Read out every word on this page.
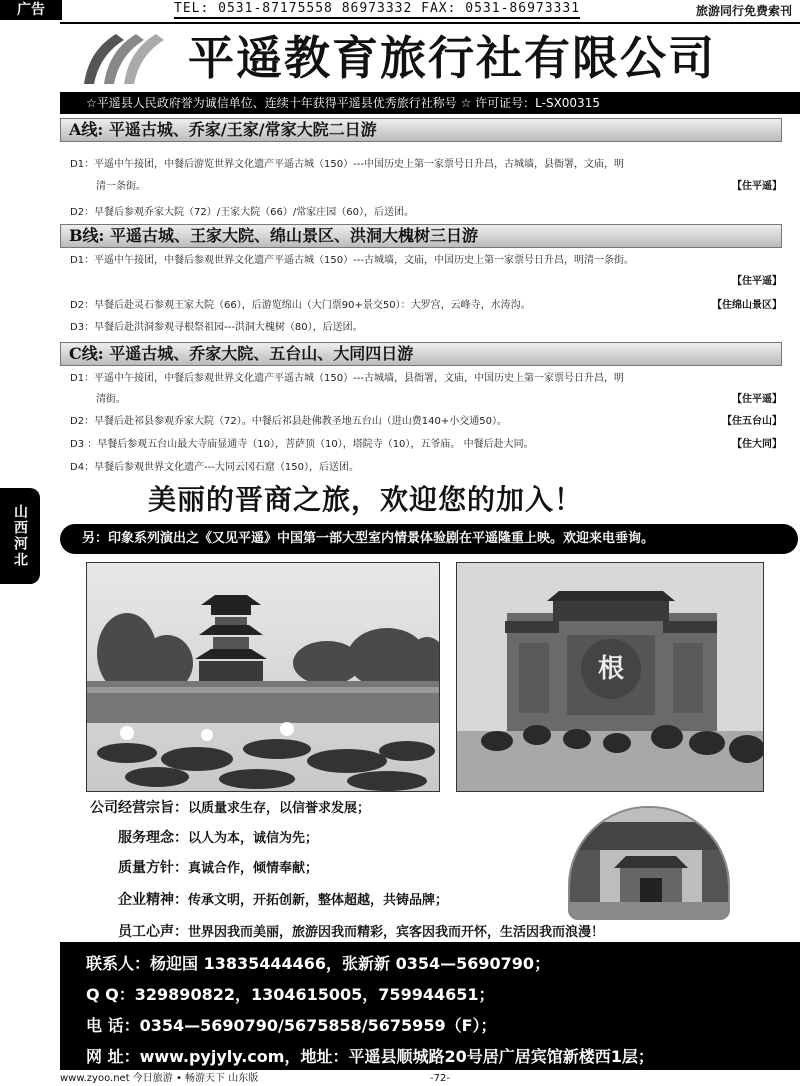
广告	TEL: 0531-87175558 86973332 FAX: 0531-86973331	旅游同行免费索刊
平遥教育旅行社有限公司
☆平遥县人民政府誉为诚信单位、连续十年获得平遥县优秀旅行社称号 ☆ 许可证号：L-SX00315
A线: 平遥古城、乔家/王家/常家大院二日游
D1：平遥中午接团，中餐后游览世界文化遗产平遥古城（150）---中国历史上第一家票号日升昌，古城墙，县衙署，文庙，明
清一条街。	【住平遥】
D2：早餐后参观乔家大院（72）/王家大院（66）/常家庄园（60），后送团。
B线: 平遥古城、王家大院、绵山景区、洪洞大槐树三日游
D1：平遥中午接团，中餐后参观世界文化遗产平遥古城（150）---古城墙，文庙，中国历史上第一家票号日升昌，明清一条街。
【住平遥】
D2：早餐后赴灵石参观王家大院（66），后游览绵山（大门票90+景交50）：大罗宫，云峰寺，水涛沟。	【住绵山景区】
D3：早餐后赴洪洞参观寻根祭祖园---洪洞大槐树（80），后送团。
C线: 平遥古城、乔家大院、五台山、大同四日游
D1：平遥中午接团，中餐后参观世界文化遗产平遥古城（150）---古城墙，县衙署，文庙，中国历史上第一家票号日升昌，明
清街。	【住平遥】
D2：早餐后赴祁县参观乔家大院（72）。中餐后祁县赴佛教圣地五台山（进山费140+小交通50）。	【住五台山】
D3 ：早餐后参观五台山最大寺庙显通寺（10），菩萨顶（10），塔院寺（10），五爷庙。 中餐后赴大同。	【住大同】
D4：早餐后参观世界文化遗产---大同云冈石窟（150），后送团。
山西河北
美丽的晋商之旅，欢迎您的加入！
另：印象系列演出之《又见平遥》中国第一部大型室内情景体验剧在平遥隆重上映。欢迎来电垂询。
根
公司经营宗旨：以质量求生存，以信誉求发展；
服务理念：以人为本，诚信为先；
质量方针：真诚合作，倾情奉献；
企业精神：传承文明，开拓创新，整体超越，共铸品牌；
员工心声：世界因我而美丽，旅游因我而精彩，宾客因我而开怀，生活因我而浪漫！
联系人：杨迎国 13835444466，张新新 0354—5690790；
Q Q：329890822，1304615005，759944651；
电 话：0354—5690790/5675858/5675959（F）；
网 址：www.pyjyly.com，地址：平遥县顺城路20号居广居宾馆新楼西1层；
www.zyoo.net 今日旅游 • 畅游天下 山东版	-72-
